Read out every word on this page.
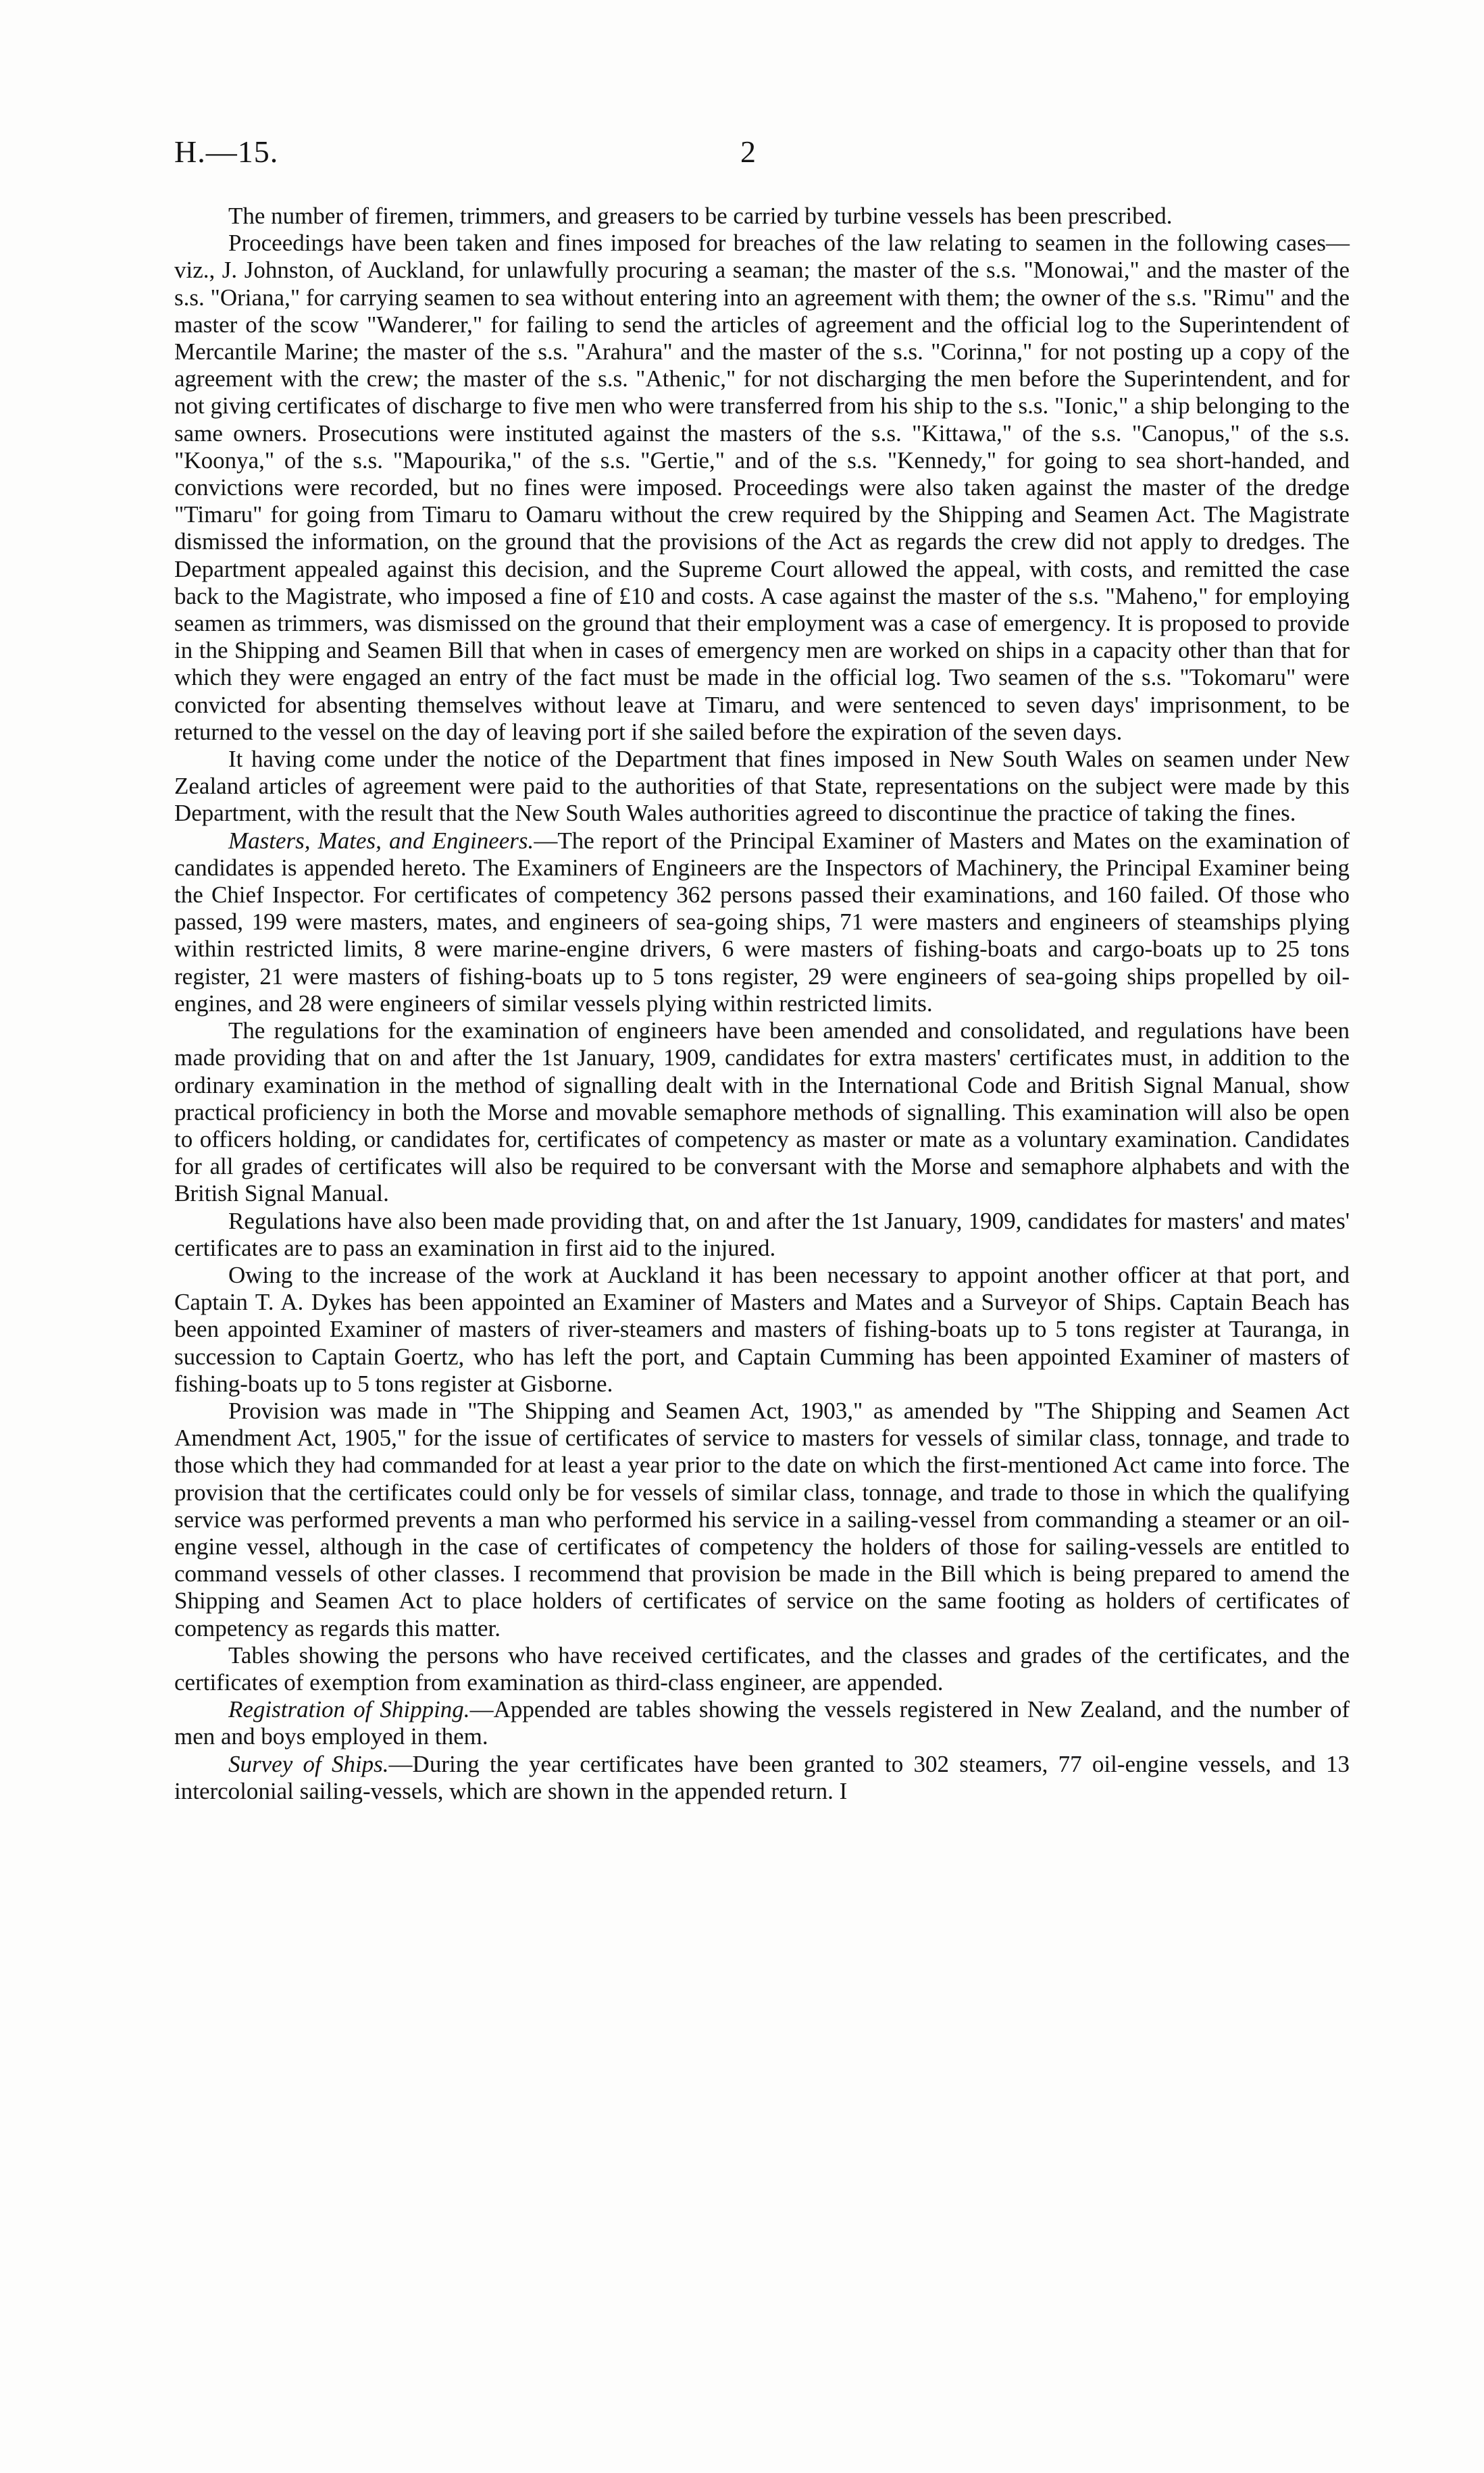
H.—15.	2

The number of firemen, trimmers, and greasers to be carried by turbine vessels has been prescribed.

Proceedings have been taken and fines imposed for breaches of the law relating to seamen in the following cases—viz., J. Johnston, of Auckland, for unlawfully procuring a seaman; the master of the s.s. "Monowai," and the master of the s.s. "Oriana," for carrying seamen to sea without entering into an agreement with them; the owner of the s.s. "Rimu" and the master of the scow "Wanderer," for failing to send the articles of agreement and the official log to the Superintendent of Mercantile Marine; the master of the s.s. "Arahura" and the master of the s.s. "Corinna," for not posting up a copy of the agreement with the crew; the master of the s.s. "Athenic," for not discharging the men before the Superintendent, and for not giving certificates of discharge to five men who were transferred from his ship to the s.s. "Ionic," a ship belonging to the same owners. Prosecutions were instituted against the masters of the s.s. "Kittawa," of the s.s. "Canopus," of the s.s. "Koonya," of the s.s. "Mapourika," of the s.s. "Gertie," and of the s.s. "Kennedy," for going to sea short-handed, and convictions were recorded, but no fines were imposed. Proceedings were also taken against the master of the dredge "Timaru" for going from Timaru to Oamaru without the crew required by the Shipping and Seamen Act. The Magistrate dismissed the information, on the ground that the provisions of the Act as regards the crew did not apply to dredges. The Department appealed against this decision, and the Supreme Court allowed the appeal, with costs, and remitted the case back to the Magistrate, who imposed a fine of £10 and costs. A case against the master of the s.s. "Maheno," for employing seamen as trimmers, was dismissed on the ground that their employment was a case of emergency. It is proposed to provide in the Shipping and Seamen Bill that when in cases of emergency men are worked on ships in a capacity other than that for which they were engaged an entry of the fact must be made in the official log. Two seamen of the s.s. "Tokomaru" were convicted for absenting themselves without leave at Timaru, and were sentenced to seven days' imprisonment, to be returned to the vessel on the day of leaving port if she sailed before the expiration of the seven days.

It having come under the notice of the Department that fines imposed in New South Wales on seamen under New Zealand articles of agreement were paid to the authorities of that State, representations on the subject were made by this Department, with the result that the New South Wales authorities agreed to discontinue the practice of taking the fines.

Masters, Mates, and Engineers.—The report of the Principal Examiner of Masters and Mates on the examination of candidates is appended hereto. The Examiners of Engineers are the Inspectors of Machinery, the Principal Examiner being the Chief Inspector. For certificates of competency 362 persons passed their examinations, and 160 failed. Of those who passed, 199 were masters, mates, and engineers of sea-going ships, 71 were masters and engineers of steamships plying within restricted limits, 8 were marine-engine drivers, 6 were masters of fishing-boats and cargo-boats up to 25 tons register, 21 were masters of fishing-boats up to 5 tons register, 29 were engineers of sea-going ships propelled by oil-engines, and 28 were engineers of similar vessels plying within restricted limits.

The regulations for the examination of engineers have been amended and consolidated, and regulations have been made providing that on and after the 1st January, 1909, candidates for extra masters' certificates must, in addition to the ordinary examination in the method of signalling dealt with in the International Code and British Signal Manual, show practical proficiency in both the Morse and movable semaphore methods of signalling. This examination will also be open to officers holding, or candidates for, certificates of competency as master or mate as a voluntary examination. Candidates for all grades of certificates will also be required to be conversant with the Morse and semaphore alphabets and with the British Signal Manual.

Regulations have also been made providing that, on and after the 1st January, 1909, candidates for masters' and mates' certificates are to pass an examination in first aid to the injured.

Owing to the increase of the work at Auckland it has been necessary to appoint another officer at that port, and Captain T. A. Dykes has been appointed an Examiner of Masters and Mates and a Surveyor of Ships. Captain Beach has been appointed Examiner of masters of river-steamers and masters of fishing-boats up to 5 tons register at Tauranga, in succession to Captain Goertz, who has left the port, and Captain Cumming has been appointed Examiner of masters of fishing-boats up to 5 tons register at Gisborne.

Provision was made in "The Shipping and Seamen Act, 1903," as amended by "The Shipping and Seamen Act Amendment Act, 1905," for the issue of certificates of service to masters for vessels of similar class, tonnage, and trade to those which they had commanded for at least a year prior to the date on which the first-mentioned Act came into force. The provision that the certificates could only be for vessels of similar class, tonnage, and trade to those in which the qualifying service was performed prevents a man who performed his service in a sailing-vessel from commanding a steamer or an oil-engine vessel, although in the case of certificates of competency the holders of those for sailing-vessels are entitled to command vessels of other classes. I recommend that provision be made in the Bill which is being prepared to amend the Shipping and Seamen Act to place holders of certificates of service on the same footing as holders of certificates of competency as regards this matter.

Tables showing the persons who have received certificates, and the classes and grades of the certificates, and the certificates of exemption from examination as third-class engineer, are appended.

Registration of Shipping.—Appended are tables showing the vessels registered in New Zealand, and the number of men and boys employed in them.

Survey of Ships.—During the year certificates have been granted to 302 steamers, 77 oil-engine vessels, and 13 intercolonial sailing-vessels, which are shown in the appended return. I
